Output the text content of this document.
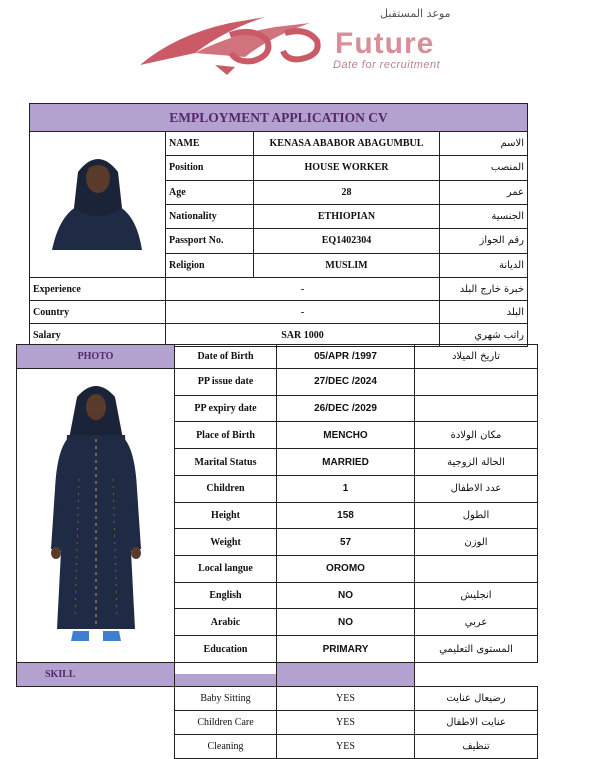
موعد المستقبل
Future
Date for recruitment
EMPLOYMENT APPLICATION CV			
	NAME	KENASA ABABOR ABAGUMBUL	الاسم
	Position	HOUSE WORKER	المنصب
	Age	28	عمر
	Nationality	ETHIOPIAN	الجنسية
	Passport No.	EQ1402304	رقم الجواز
	Religion	MUSLIM	الديانة
Experience	-		خبرة خارج البلد
Country	-		البلد
Salary	SAR 1000		راتب شهري
PHOTO	Date of Birth	05/APR /1997	تاريخ الميلاد
	PP issue date	27/DEC /2024	
	PP expiry date	26/DEC /2029	
	Place of Birth	MENCHO	مكان الولادة
	Marital Status	MARRIED	الحالة الزوجية
	Children	1	عدد الاطفال
	Height	158	الطول
	Weight	57	الوزن
	Local langue	OROMO	
	English	NO	انجليش
	Arabic	NO	عربي
	Education	PRIMARY	المستوى التعليمي
SKILL		

	Baby Sitting	YES	رضيعال عنايت
	Children Care	YES	عنايت الاطفال
	Cleaning	YES	تنظيف
